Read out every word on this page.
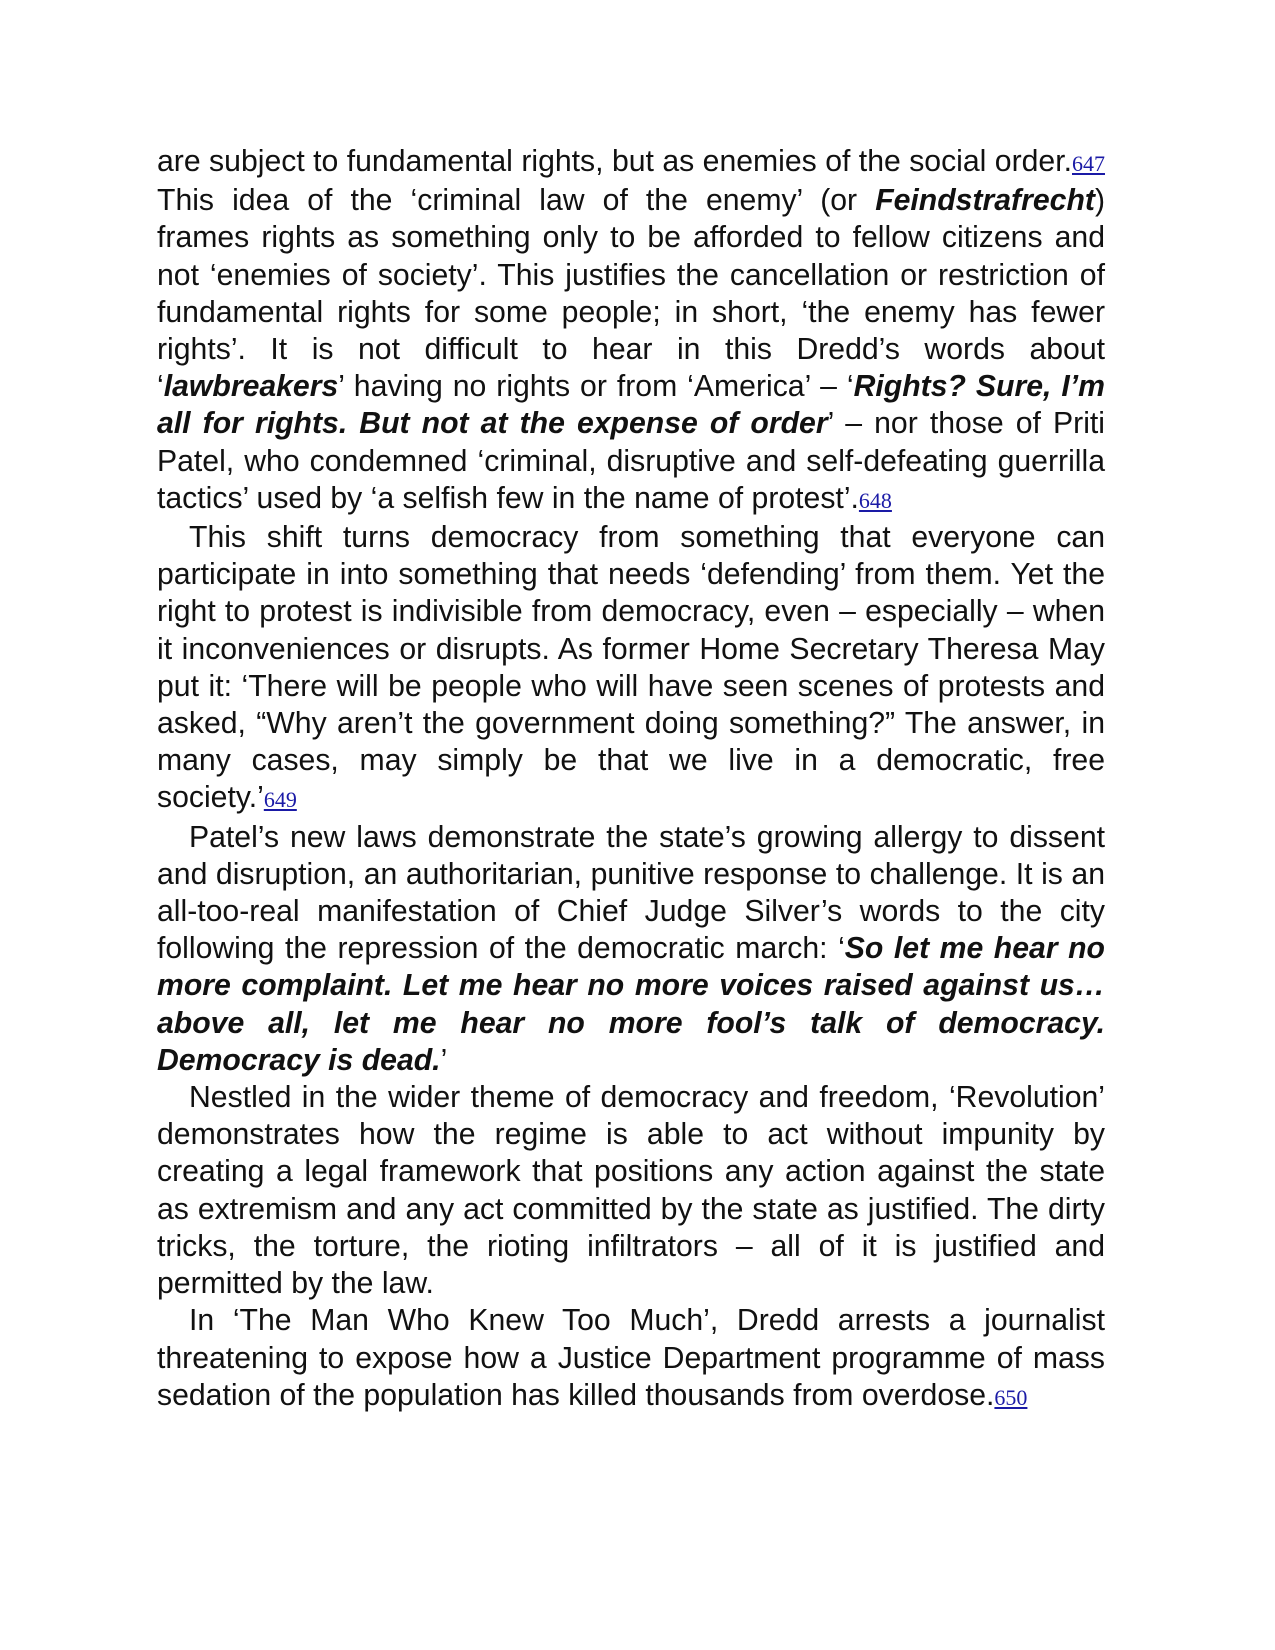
are subject to fundamental rights, but as enemies of the social order.647 This idea of the ‘criminal law of the enemy’ (or Feindstrafrecht) frames rights as something only to be afforded to fellow citizens and not ‘enemies of society’. This justifies the cancellation or restriction of fundamental rights for some people; in short, ‘the enemy has fewer rights’. It is not difficult to hear in this Dredd’s words about ‘lawbreakers’ having no rights or from ‘America’ – ‘Rights? Sure, I’m all for rights. But not at the expense of order’ – nor those of Priti Patel, who condemned ‘criminal, disruptive and self-defeating guerrilla tactics’ used by ‘a selfish few in the name of protest’.648

This shift turns democracy from something that everyone can participate in into something that needs ‘defending’ from them. Yet the right to protest is indivisible from democracy, even – especially – when it inconveniences or disrupts. As former Home Secretary Theresa May put it: ‘There will be people who will have seen scenes of protests and asked, “Why aren’t the government doing something?” The answer, in many cases, may simply be that we live in a democratic, free society.’649

Patel’s new laws demonstrate the state’s growing allergy to dissent and disruption, an authoritarian, punitive response to challenge. It is an all-too-real manifestation of Chief Judge Silver’s words to the city following the repression of the democratic march: ‘So let me hear no more complaint. Let me hear no more voices raised against us… above all, let me hear no more fool’s talk of democracy. Democracy is dead.’

Nestled in the wider theme of democracy and freedom, ‘Revolution’ demonstrates how the regime is able to act without impunity by creating a legal framework that positions any action against the state as extremism and any act committed by the state as justified. The dirty tricks, the torture, the rioting infiltrators – all of it is justified and permitted by the law.

In ‘The Man Who Knew Too Much’, Dredd arrests a journalist threatening to expose how a Justice Department programme of mass sedation of the population has killed thousands from overdose.650
